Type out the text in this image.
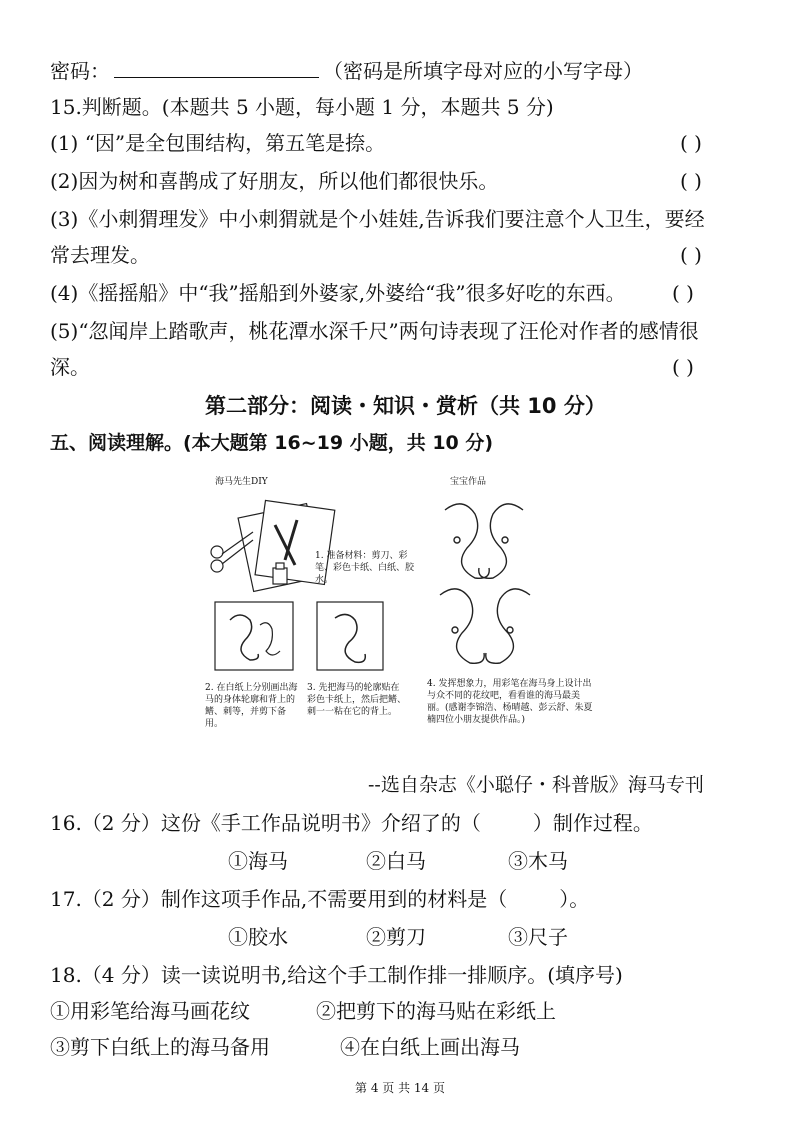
密码：	（密码是所填字母对应的小写字母）
15.判断题。(本题共 5 小题，每小题 1 分，本题共 5 分)
(1) “因”是全包围结构，第五笔是捺。	( )
(2)因为树和喜鹊成了好朋友，所以他们都很快乐。	( )
(3)《小刺猬理发》中小刺猬就是个小娃娃,告诉我们要注意个人卫生，要经
常去理发。	( )
(4)《摇摇船》中“我”摇船到外婆家,外婆给“我”很多好吃的东西。 ( )
(5)“忽闻岸上踏歌声，桃花潭水深千尺”两句诗表现了汪伦对作者的感情很
深。	( )
第二部分：阅读・知识・赏析（共 10 分）
五、阅读理解。(本大题第 16~19 小题，共 10 分)
海马先生DIY	宝宝作品
1. 准备材料：剪刀、彩笔、彩色卡纸、白纸、胶水。
2. 在白纸上分别画出海马的身体轮廓和背上的鳍、刺等，并剪下备用。
3. 先把海马的轮廓贴在彩色卡纸上，然后把鳍、刺一一粘在它的背上。
4. 发挥想象力，用彩笔在海马身上设计出与众不同的花纹吧，看看谁的海马最美丽。(感谢李锦浩、杨晴越、彭云舒、朱夏楠四位小朋友提供作品。)
--选自杂志《小聪仔・科普版》海马专刊
16.（2 分）这份《手工作品说明书》介绍了的（	）制作过程。
①海马	②白马	③木马
17.（2 分）制作这项手作品,不需要用到的材料是（	）。
①胶水	②剪刀	③尺子
18.（4 分）读一读说明书,给这个手工制作排一排顺序。(填序号)
①用彩笔给海马画花纹	②把剪下的海马贴在彩纸上
③剪下白纸上的海马备用	④在白纸上画出海马
第 4 页 共 14 页
